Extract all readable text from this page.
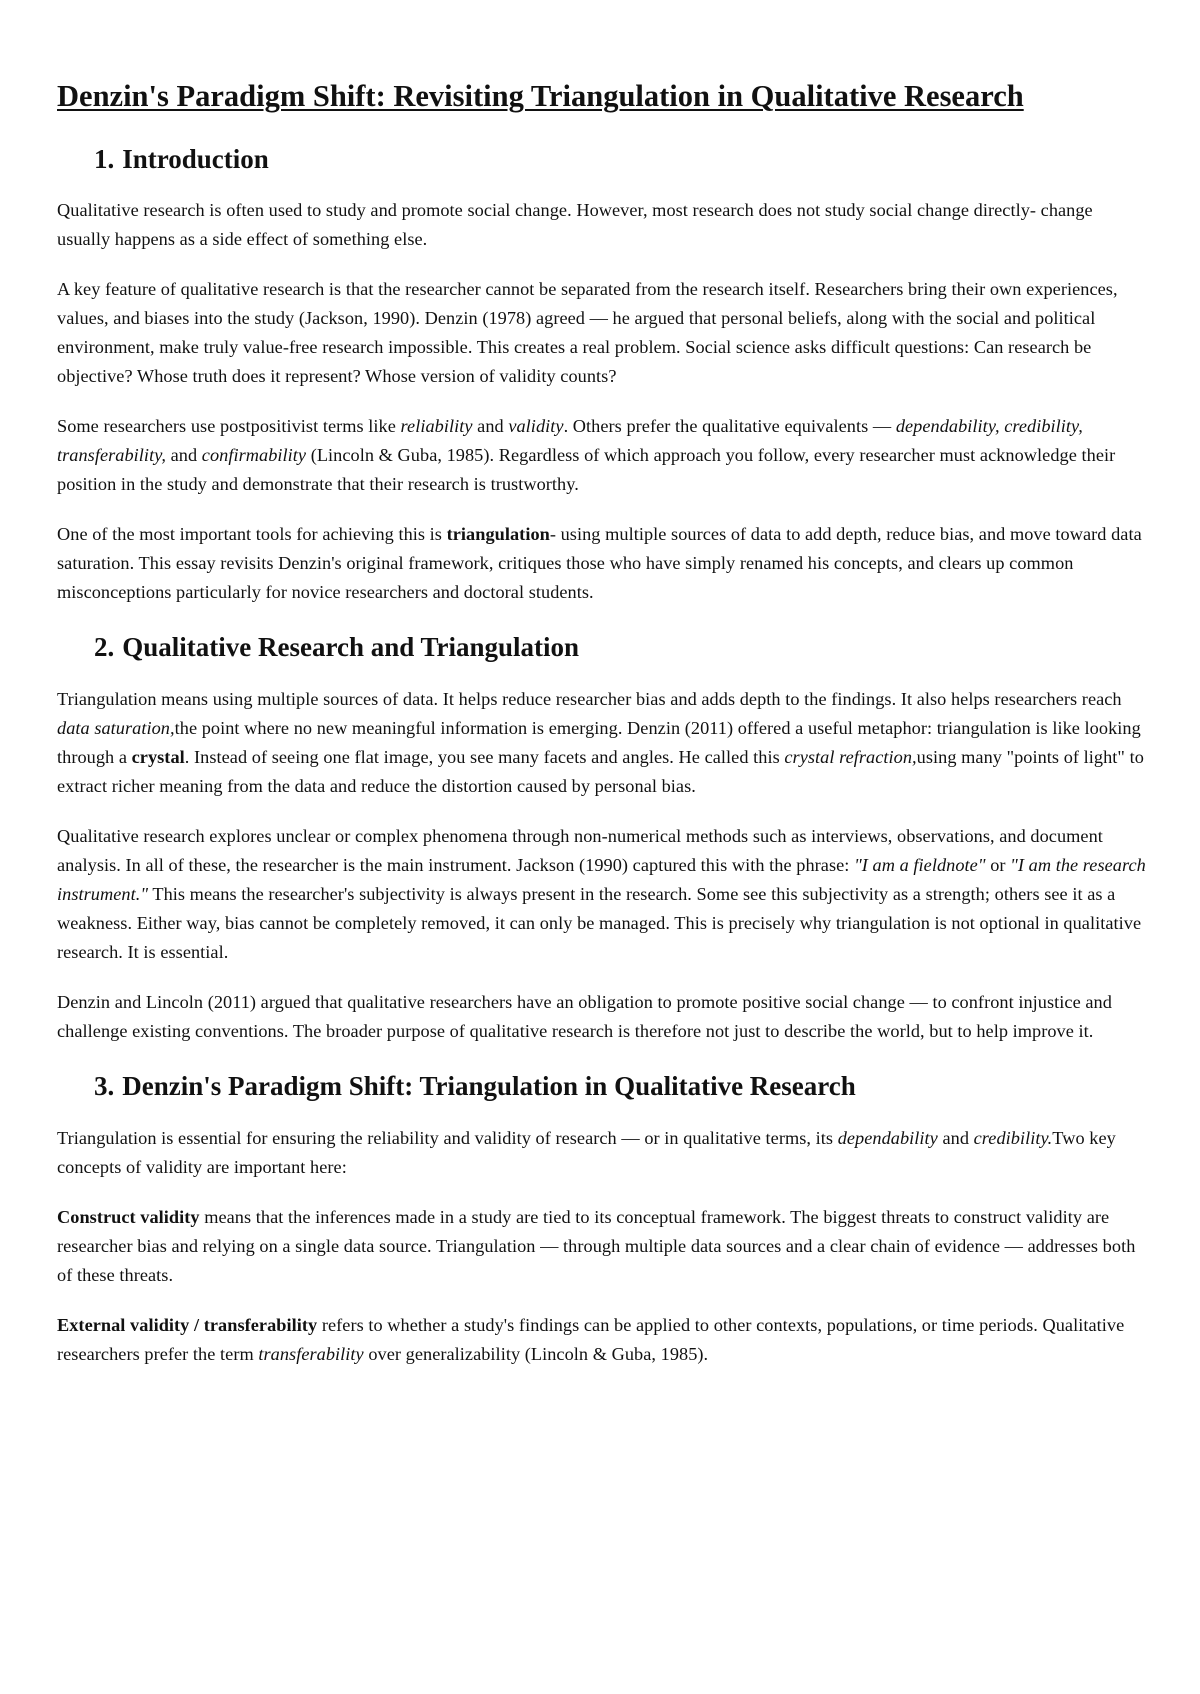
Denzin's Paradigm Shift: Revisiting Triangulation in Qualitative Research
1. Introduction

Qualitative research is often used to study and promote social change. However, most research does not study social change directly- change usually happens as a side effect of something else.

A key feature of qualitative research is that the researcher cannot be separated from the research itself. Researchers bring their own experiences, values, and biases into the study (Jackson, 1990). Denzin (1978) agreed — he argued that personal beliefs, along with the social and political environment, make truly value-free research impossible. This creates a real problem. Social science asks difficult questions: Can research be objective? Whose truth does it represent? Whose version of validity counts?

Some researchers use postpositivist terms like reliability and validity. Others prefer the qualitative equivalents — dependability, credibility, transferability, and confirmability (Lincoln & Guba, 1985). Regardless of which approach you follow, every researcher must acknowledge their position in the study and demonstrate that their research is trustworthy.

One of the most important tools for achieving this is triangulation- using multiple sources of data to add depth, reduce bias, and move toward data saturation. This essay revisits Denzin's original framework, critiques those who have simply renamed his concepts, and clears up common misconceptions particularly for novice researchers and doctoral students.

2. Qualitative Research and Triangulation

Triangulation means using multiple sources of data. It helps reduce researcher bias and adds depth to the findings. It also helps researchers reach data saturation,the point where no new meaningful information is emerging. Denzin (2011) offered a useful metaphor: triangulation is like looking through a crystal. Instead of seeing one flat image, you see many facets and angles. He called this crystal refraction,using many "points of light" to extract richer meaning from the data and reduce the distortion caused by personal bias.

Qualitative research explores unclear or complex phenomena through non-numerical methods such as interviews, observations, and document analysis. In all of these, the researcher is the main instrument. Jackson (1990) captured this with the phrase: "I am a fieldnote" or "I am the research instrument." This means the researcher's subjectivity is always present in the research. Some see this subjectivity as a strength; others see it as a weakness. Either way, bias cannot be completely removed, it can only be managed. This is precisely why triangulation is not optional in qualitative research. It is essential.

Denzin and Lincoln (2011) argued that qualitative researchers have an obligation to promote positive social change — to confront injustice and challenge existing conventions. The broader purpose of qualitative research is therefore not just to describe the world, but to help improve it.

3. Denzin's Paradigm Shift: Triangulation in Qualitative Research

Triangulation is essential for ensuring the reliability and validity of research — or in qualitative terms, its dependability and credibility.Two key concepts of validity are important here:

Construct validity means that the inferences made in a study are tied to its conceptual framework. The biggest threats to construct validity are researcher bias and relying on a single data source. Triangulation — through multiple data sources and a clear chain of evidence — addresses both of these threats.

External validity / transferability refers to whether a study's findings can be applied to other contexts, populations, or time periods. Qualitative researchers prefer the term transferability over generalizability (Lincoln & Guba, 1985).
